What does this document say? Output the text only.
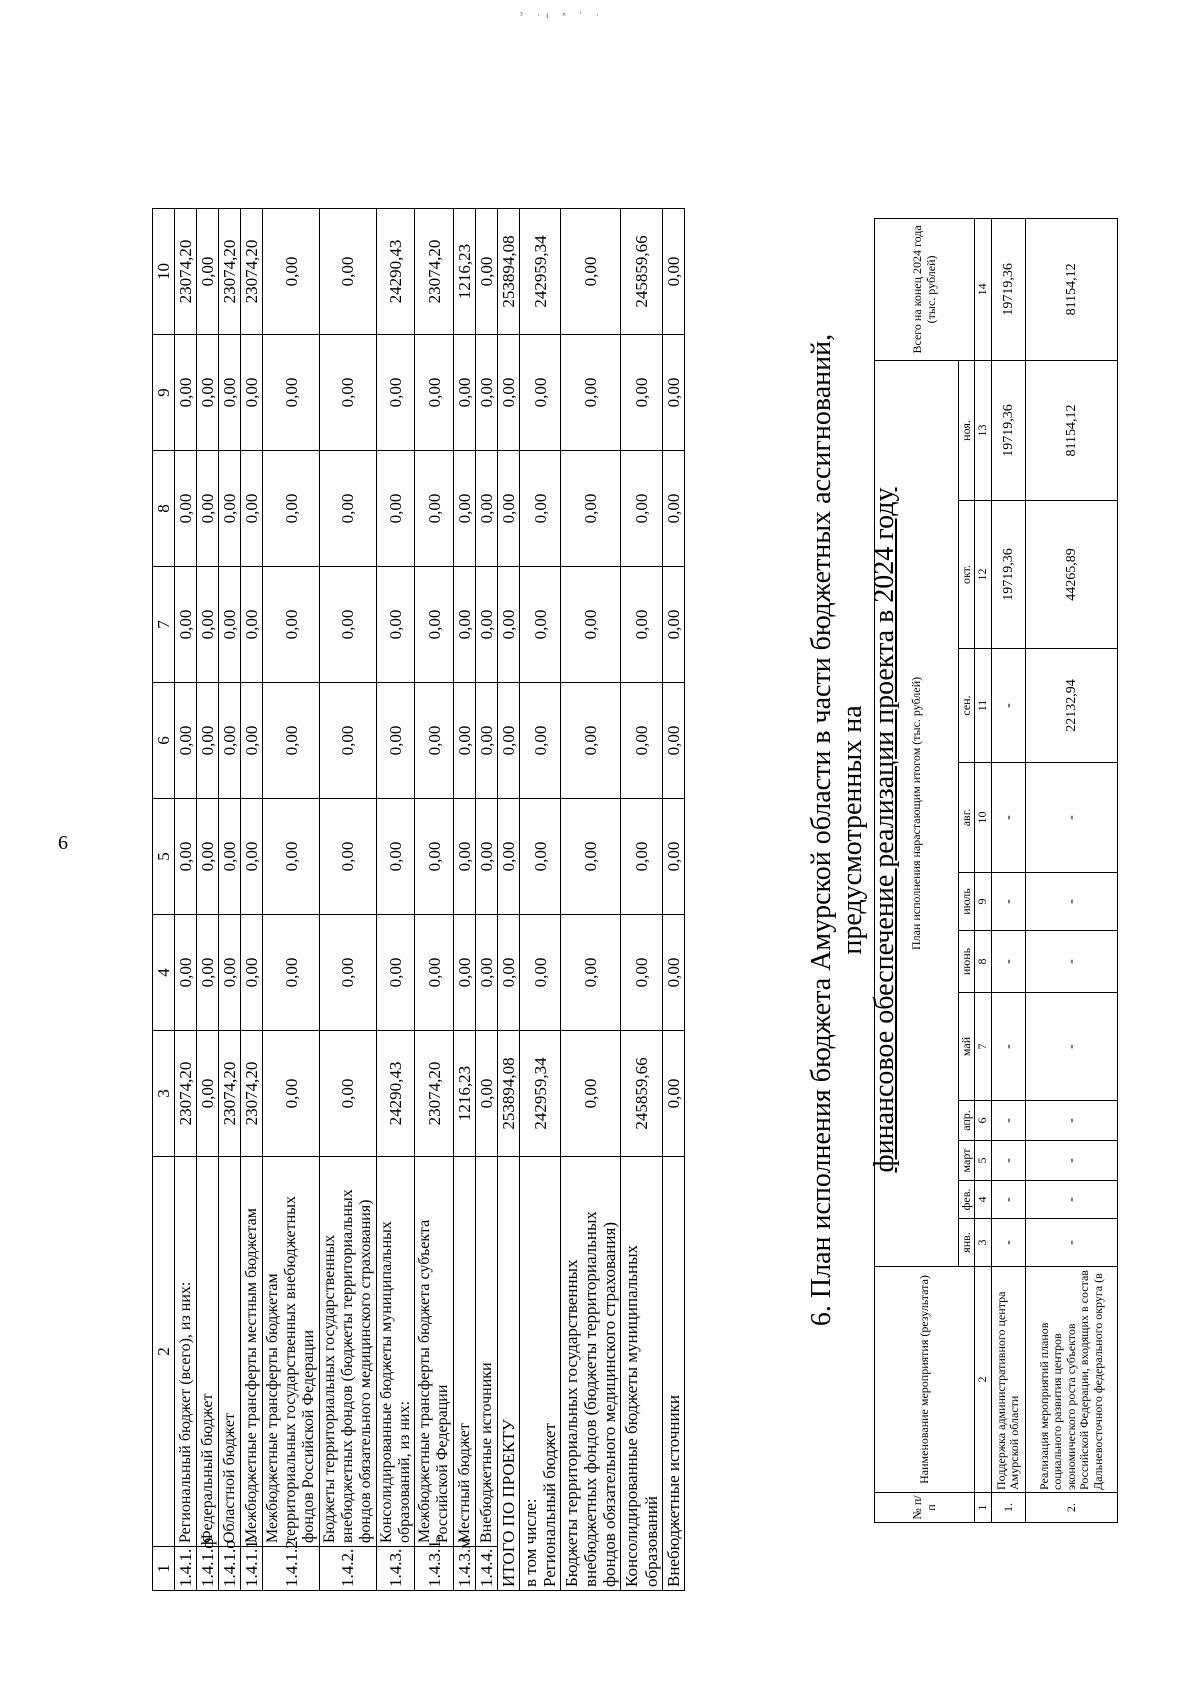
6
³ ·ı ⁿ ʹ ·
1	2	3	4	5	6	7	8	9	10
1.4.1.	Региональный бюджет (всего), из них:	23074,20	0,00	0,00	0,00	0,00	0,00	0,00	23074,20
1.4.1.ф	Федеральный бюджет	0,00	0,00	0,00	0,00	0,00	0,00	0,00	0,00
1.4.1.о	Областной бюджет	23074,20	0,00	0,00	0,00	0,00	0,00	0,00	23074,20
1.4.1.1.	Межбюджетные трансферты местным бюджетам	23074,20	0,00	0,00	0,00	0,00	0,00	0,00	23074,20
1.4.1.2.	Межбюджетные трансферты бюджетам территориальных государственных внебюджетных фондов Российской Федерации	0,00	0,00	0,00	0,00	0,00	0,00	0,00	0,00
1.4.2.	Бюджеты территориальных государственных внебюджетных фондов (бюджеты территориальных фондов обязательного медицинского страхования)	0,00	0,00	0,00	0,00	0,00	0,00	0,00	0,00
1.4.3.	Консолидированные бюджеты муниципальных образований, из них:	24290,43	0,00	0,00	0,00	0,00	0,00	0,00	24290,43
1.4.3.1.	Межбюджетные трансферты бюджета субъекта Российской Федерации	23074,20	0,00	0,00	0,00	0,00	0,00	0,00	23074,20
1.4.3.м	Местный бюджет	1216,23	0,00	0,00	0,00	0,00	0,00	0,00	1216,23
1.4.4.	Внебюджетные источники	0,00	0,00	0,00	0,00	0,00	0,00	0,00	0,00
ИТОГО ПО ПРОЕКТУ		253894,08	0,00	0,00	0,00	0,00	0,00	0,00	253894,08

в том числе: Региональный бюджет		242959,34	0,00	0,00	0,00	0,00	0,00	0,00	242959,34

Бюджеты территориальных государственных внебюджетных фондов (бюджеты территориальных фондов обязательного медицинского страхования)		0,00	0,00	0,00	0,00	0,00	0,00	0,00	0,00

Консолидированные бюджеты муниципальных образований		245859,66	0,00	0,00	0,00	0,00	0,00	0,00	245859,66

Внебюджетные источники		0,00	0,00	0,00	0,00	0,00	0,00	0,00	0,00
6. План исполнения бюджета Амурской области в части бюджетных ассигнований, предусмотренных на финансовое обеспечение реализации проекта в 2024 году
№ п/п	Наименование мероприятия (результата)	План исполнения нарастающим итогом (тыс. рублей)											Всего на конец 2024 года (тыс. рублей)
		янв.	фев.	март	апр.	май	июнь	июль	авг.	сен.	окт.	ноя.	
1	2	3	4	5	6	7	8	9	10	11	12	13	14
1.	Поддержка административного центра Амурской области	-	-	-	-	-	-	-	-	-	19719,36	19719,36	19719,36
2.	Реализация мероприятий планов социального развития центров экономического роста субъектов Российской Федерации, входящих в состав Дальневосточного федерального округа (в	-	-	-	-	-	-	-	-	22132,94	44265,89	81154,12	81154,12
